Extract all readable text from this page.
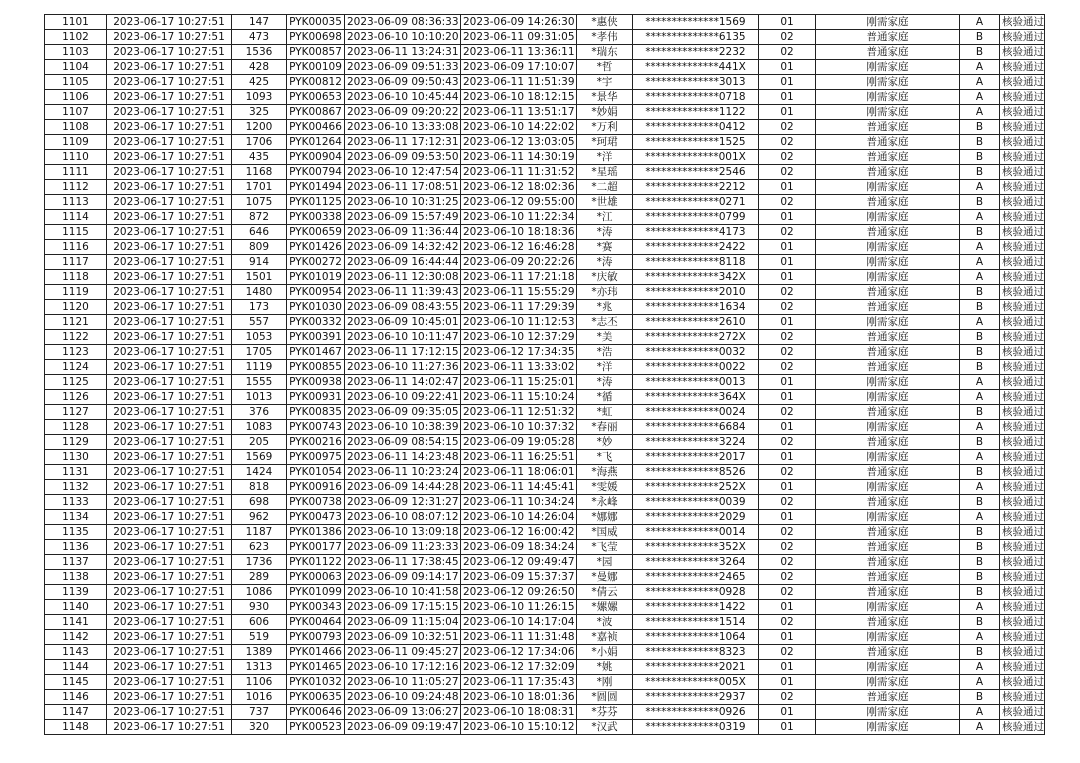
1101	2023-06-17 10:27:51	147	PYK00035	2023-06-09 08:36:33	2023-06-09 14:26:30	*惠侠	**************1569	01	刚需家庭	A	核验通过
1102	2023-06-17 10:27:51	473	PYK00698	2023-06-10 10:10:20	2023-06-11 09:31:05	*孝伟	**************6135	02	普通家庭	B	核验通过
1103	2023-06-17 10:27:51	1536	PYK00857	2023-06-11 13:24:31	2023-06-11 13:36:11	*瑞东	**************2232	02	普通家庭	B	核验通过
1104	2023-06-17 10:27:51	428	PYK00109	2023-06-09 09:51:33	2023-06-09 17:10:07	*哲	**************441X	01	刚需家庭	A	核验通过
1105	2023-06-17 10:27:51	425	PYK00812	2023-06-09 09:50:43	2023-06-11 11:51:39	*宇	**************3013	01	刚需家庭	A	核验通过
1106	2023-06-17 10:27:51	1093	PYK00653	2023-06-10 10:45:44	2023-06-10 18:12:15	*景华	**************0718	01	刚需家庭	A	核验通过
1107	2023-06-17 10:27:51	325	PYK00867	2023-06-09 09:20:22	2023-06-11 13:51:17	*妙娟	**************1122	01	刚需家庭	A	核验通过
1108	2023-06-17 10:27:51	1200	PYK00466	2023-06-10 13:33:08	2023-06-10 14:22:02	*万利	**************0412	02	普通家庭	B	核验通过
1109	2023-06-17 10:27:51	1706	PYK01264	2023-06-11 17:12:31	2023-06-12 13:03:05	*珂珺	**************1525	02	普通家庭	B	核验通过
1110	2023-06-17 10:27:51	435	PYK00904	2023-06-09 09:53:50	2023-06-11 14:30:19	*洋	**************001X	02	普通家庭	B	核验通过
1111	2023-06-17 10:27:51	1168	PYK00794	2023-06-10 12:47:54	2023-06-11 11:31:52	*星瑶	**************2546	02	普通家庭	B	核验通过
1112	2023-06-17 10:27:51	1701	PYK01494	2023-06-11 17:08:51	2023-06-12 18:02:36	*二超	**************2212	01	刚需家庭	A	核验通过
1113	2023-06-17 10:27:51	1075	PYK01125	2023-06-10 10:31:25	2023-06-12 09:55:00	*世雄	**************0271	02	普通家庭	B	核验通过
1114	2023-06-17 10:27:51	872	PYK00338	2023-06-09 15:57:49	2023-06-10 11:22:34	*江	**************0799	01	刚需家庭	A	核验通过
1115	2023-06-17 10:27:51	646	PYK00659	2023-06-09 11:36:44	2023-06-10 18:18:36	*涛	**************4173	02	普通家庭	B	核验通过
1116	2023-06-17 10:27:51	809	PYK01426	2023-06-09 14:32:42	2023-06-12 16:46:28	*赛	**************2422	01	刚需家庭	A	核验通过
1117	2023-06-17 10:27:51	914	PYK00272	2023-06-09 16:44:44	2023-06-09 20:22:26	*涛	**************8118	01	刚需家庭	A	核验通过
1118	2023-06-17 10:27:51	1501	PYK01019	2023-06-11 12:30:08	2023-06-11 17:21:18	*庆敏	**************342X	01	刚需家庭	A	核验通过
1119	2023-06-17 10:27:51	1480	PYK00954	2023-06-11 11:39:43	2023-06-11 15:55:29	*亦玮	**************2010	02	普通家庭	B	核验通过
1120	2023-06-17 10:27:51	173	PYK01030	2023-06-09 08:43:55	2023-06-11 17:29:39	*兆	**************1634	02	普通家庭	B	核验通过
1121	2023-06-17 10:27:51	557	PYK00332	2023-06-09 10:45:01	2023-06-10 11:12:53	*志丕	**************2610	01	刚需家庭	A	核验通过
1122	2023-06-17 10:27:51	1053	PYK00391	2023-06-10 10:11:47	2023-06-10 12:37:29	*美	**************272X	02	普通家庭	B	核验通过
1123	2023-06-17 10:27:51	1705	PYK01467	2023-06-11 17:12:15	2023-06-12 17:34:35	*浩	**************0032	02	普通家庭	B	核验通过
1124	2023-06-17 10:27:51	1119	PYK00855	2023-06-10 11:27:36	2023-06-11 13:33:02	*洋	**************0022	02	普通家庭	B	核验通过
1125	2023-06-17 10:27:51	1555	PYK00938	2023-06-11 14:02:47	2023-06-11 15:25:01	*涛	**************0013	01	刚需家庭	A	核验通过
1126	2023-06-17 10:27:51	1013	PYK00931	2023-06-10 09:22:41	2023-06-11 15:10:24	*循	**************364X	01	刚需家庭	A	核验通过
1127	2023-06-17 10:27:51	376	PYK00835	2023-06-09 09:35:05	2023-06-11 12:51:32	*虹	**************0024	02	普通家庭	B	核验通过
1128	2023-06-17 10:27:51	1083	PYK00743	2023-06-10 10:38:39	2023-06-10 10:37:32	*春丽	**************6684	01	刚需家庭	A	核验通过
1129	2023-06-17 10:27:51	205	PYK00216	2023-06-09 08:54:15	2023-06-09 19:05:28	*妙	**************3224	02	普通家庭	B	核验通过
1130	2023-06-17 10:27:51	1569	PYK00975	2023-06-11 14:23:48	2023-06-11 16:25:51	*飞	**************2017	01	刚需家庭	A	核验通过
1131	2023-06-17 10:27:51	1424	PYK01054	2023-06-11 10:23:24	2023-06-11 18:06:01	*海燕	**************8526	02	普通家庭	B	核验通过
1132	2023-06-17 10:27:51	818	PYK00916	2023-06-09 14:44:28	2023-06-11 14:45:41	*雯媛	**************252X	01	刚需家庭	A	核验通过
1133	2023-06-17 10:27:51	698	PYK00738	2023-06-09 12:31:27	2023-06-11 10:34:24	*永峰	**************0039	02	普通家庭	B	核验通过
1134	2023-06-17 10:27:51	962	PYK00473	2023-06-10 08:07:12	2023-06-10 14:26:04	*娜娜	**************2029	01	刚需家庭	A	核验通过
1135	2023-06-17 10:27:51	1187	PYK01386	2023-06-10 13:09:18	2023-06-12 16:00:42	*国威	**************0014	02	普通家庭	B	核验通过
1136	2023-06-17 10:27:51	623	PYK00177	2023-06-09 11:23:33	2023-06-09 18:34:24	*飞莹	**************352X	02	普通家庭	B	核验通过
1137	2023-06-17 10:27:51	1736	PYK01122	2023-06-11 17:38:45	2023-06-12 09:49:47	*园	**************3264	02	普通家庭	B	核验通过
1138	2023-06-17 10:27:51	289	PYK00063	2023-06-09 09:14:17	2023-06-09 15:37:37	*曼娜	**************2465	02	普通家庭	B	核验通过
1139	2023-06-17 10:27:51	1086	PYK01099	2023-06-10 10:41:58	2023-06-12 09:26:50	*倩云	**************0928	02	普通家庭	B	核验通过
1140	2023-06-17 10:27:51	930	PYK00343	2023-06-09 17:15:15	2023-06-10 11:26:15	*嫘嫘	**************1422	01	刚需家庭	A	核验通过
1141	2023-06-17 10:27:51	606	PYK00464	2023-06-09 11:15:04	2023-06-10 14:17:04	*波	**************1514	02	普通家庭	B	核验通过
1142	2023-06-17 10:27:51	519	PYK00793	2023-06-09 10:32:51	2023-06-11 11:31:48	*嘉祯	**************1064	01	刚需家庭	A	核验通过
1143	2023-06-17 10:27:51	1389	PYK01466	2023-06-11 09:45:27	2023-06-12 17:34:06	*小娟	**************8323	02	普通家庭	B	核验通过
1144	2023-06-17 10:27:51	1313	PYK01465	2023-06-10 17:12:16	2023-06-12 17:32:09	*姚	**************2021	01	刚需家庭	A	核验通过
1145	2023-06-17 10:27:51	1106	PYK01032	2023-06-10 11:05:27	2023-06-11 17:35:43	*刚	**************005X	01	刚需家庭	A	核验通过
1146	2023-06-17 10:27:51	1016	PYK00635	2023-06-10 09:24:48	2023-06-10 18:01:36	*圆圆	**************2937	02	普通家庭	B	核验通过
1147	2023-06-17 10:27:51	737	PYK00646	2023-06-09 13:06:27	2023-06-10 18:08:31	*芬芬	**************0926	01	刚需家庭	A	核验通过
1148	2023-06-17 10:27:51	320	PYK00523	2023-06-09 09:19:47	2023-06-10 15:10:12	*汉武	**************0319	01	刚需家庭	A	核验通过
